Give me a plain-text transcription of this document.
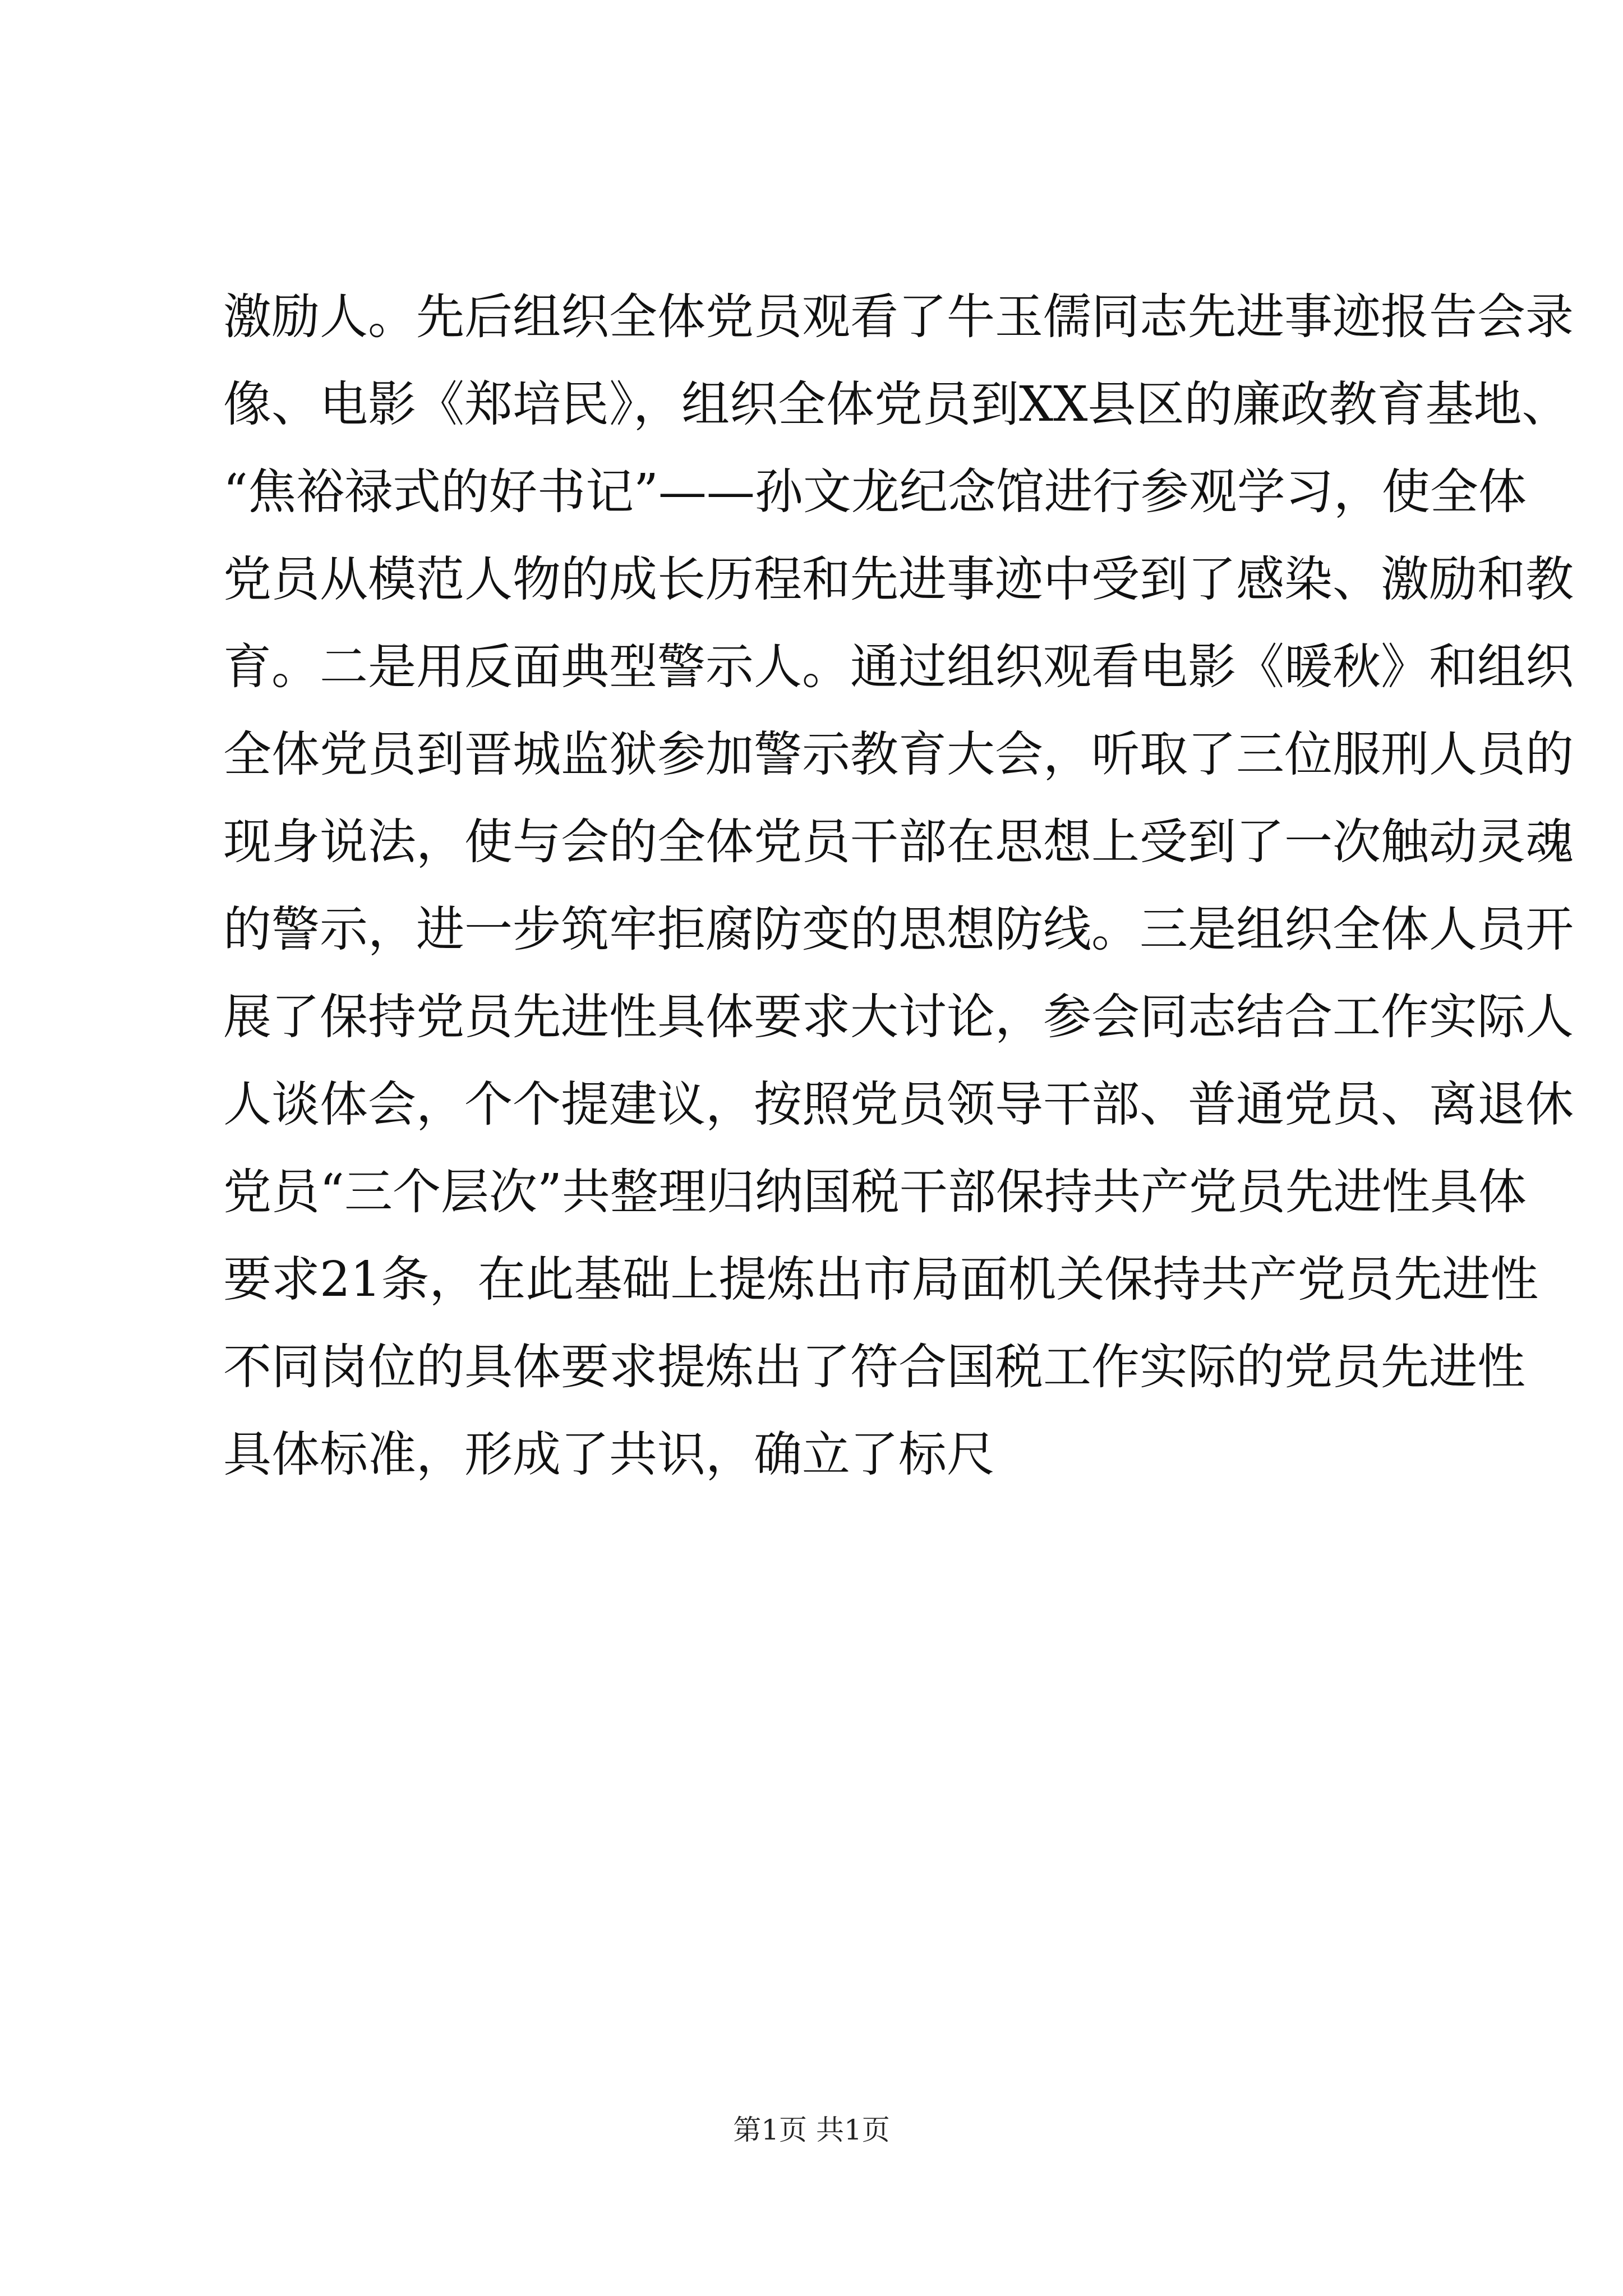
激励人。先后组织全体党员观看了牛玉儒同志先进事迹报告会录
像、电影《郑培民》，组织全体党员到XX县区的廉政教育基地、
“焦裕禄式的好书记”——孙文龙纪念馆进行参观学习，使全体
党员从模范人物的成长历程和先进事迹中受到了感染、激励和教
育。二是用反面典型警示人。通过组织观看电影《暖秋》和组织
全体党员到晋城监狱参加警示教育大会，听取了三位服刑人员的
现身说法，使与会的全体党员干部在思想上受到了一次触动灵魂
的警示，进一步筑牢拒腐防变的思想防线。三是组织全体人员开
展了保持党员先进性具体要求大讨论，参会同志结合工作实际人
人谈体会，个个提建议，按照党员领导干部、普通党员、离退休
党员“三个层次”共整理归纳国税干部保持共产党员先进性具体
要求21条，在此基础上提炼出市局面机关保持共产党员先进性
不同岗位的具体要求提炼出了符合国税工作实际的党员先进性
具体标准，形成了共识，确立了标尺
第1页 共1页
